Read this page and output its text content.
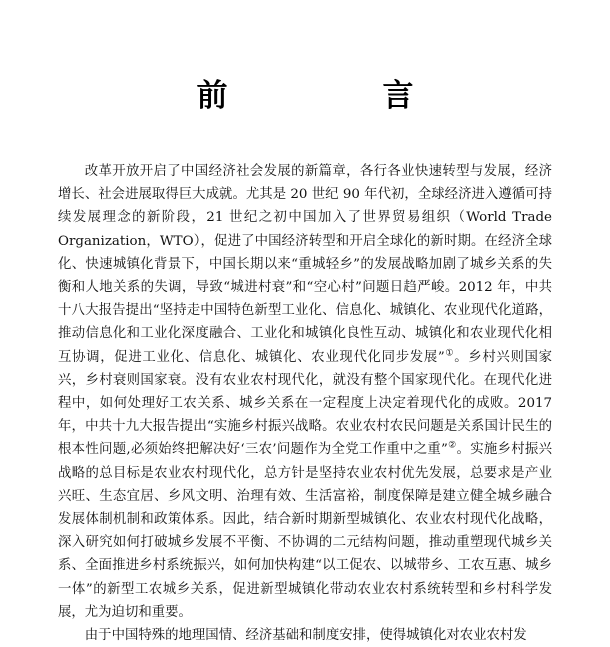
前　言

改革开放开启了中国经济社会发展的新篇章，各行各业快速转型与发展，经济增长、社会进展取得巨大成就。尤其是 20 世纪 90 年代初，全球经济进入遵循可持续发展理念的新阶段，21 世纪之初中国加入了世界贸易组织（World Trade Organization，WTO），促进了中国经济转型和开启全球化的新时期。在经济全球化、快速城镇化背景下，中国长期以来“重城轻乡”的发展战略加剧了城乡关系的失衡和人地关系的失调，导致“城进村衰”和“空心村”问题日趋严峻。2012 年，中共十八大报告提出“坚持走中国特色新型工业化、信息化、城镇化、农业现代化道路，推动信息化和工业化深度融合、工业化和城镇化良性互动、城镇化和农业现代化相互协调，促进工业化、信息化、城镇化、农业现代化同步发展”①。乡村兴则国家兴，乡村衰则国家衰。没有农业农村现代化，就没有整个国家现代化。在现代化进程中，如何处理好工农关系、城乡关系在一定程度上决定着现代化的成败。2017 年，中共十九大报告提出“实施乡村振兴战略。农业农村农民问题是关系国计民生的根本性问题,必须始终把解决好‘三农’问题作为全党工作重中之重”②。实施乡村振兴战略的总目标是农业农村现代化，总方针是坚持农业农村优先发展，总要求是产业兴旺、生态宜居、乡风文明、治理有效、生活富裕，制度保障是建立健全城乡融合发展体制机制和政策体系。因此，结合新时期新型城镇化、农业农村现代化战略，深入研究如何打破城乡发展不平衡、不协调的二元结构问题，推动重塑现代城乡关系、全面推进乡村系统振兴，如何加快构建“以工促农、以城带乡、工农互惠、城乡一体”的新型工农城乡关系，促进新型城镇化带动农业农村系统转型和乡村科学发展，尤为迫切和重要。

由于中国特殊的地理国情、经济基础和制度安排，使得城镇化对农业农村发
